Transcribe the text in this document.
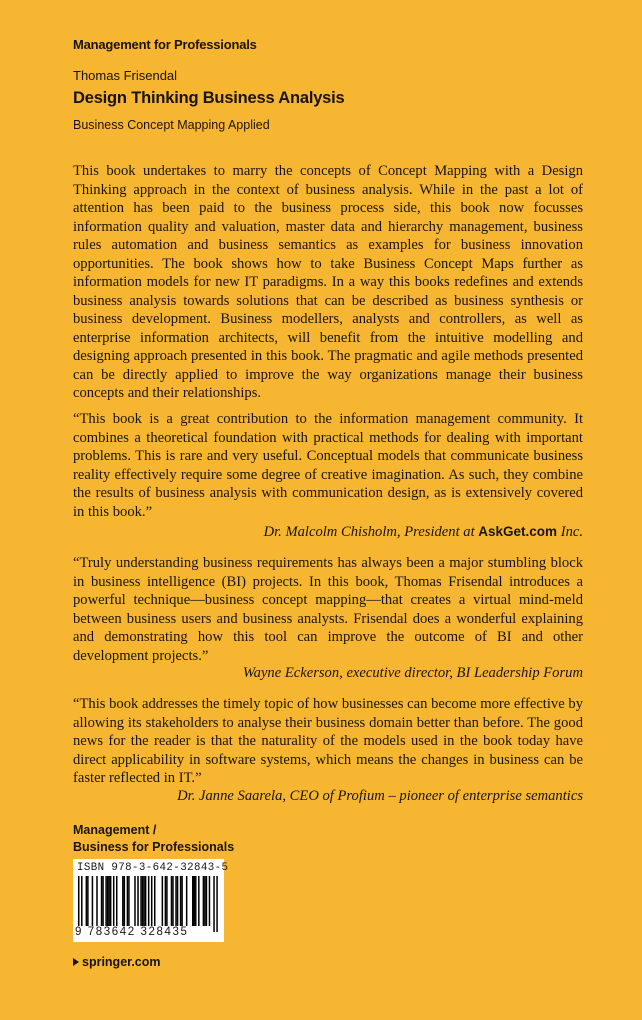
Management for Professionals
Thomas Frisendal
Design Thinking Business Analysis
Business Concept Mapping Applied

This book undertakes to marry the concepts of Concept Mapping with a Design Thinking approach in the context of business analysis. While in the past a lot of attention has been paid to the business process side, this book now focusses information quality and valuation, master data and hierarchy management, business rules automation and business semantics as examples for business innovation opportunities. The book shows how to take Business Concept Maps further as information models for new IT paradigms. In a way this books redefines and extends business analysis towards solutions that can be described as business synthesis or business development. Business modellers, analysts and controllers, as well as enterprise information architects, will benefit from the intuitive modelling and designing approach presented in this book. The pragmatic and agile methods presented can be directly applied to improve the way organizations manage their business concepts and their relationships.

“This book is a great contribution to the information management community. It combines a theoretical foundation with practical methods for dealing with important problems. This is rare and very useful. Conceptual models that communicate business reality effectively require some degree of creative imagination. As such, they combine the results of business analysis with communication design, as is extensively covered in this book.”

Dr. Malcolm Chisholm, President at AskGet.com Inc.

“Truly understanding business requirements has always been a major stumbling block in business intelligence (BI) projects. In this book, Thomas Frisendal introduces a powerful technique—business concept mapping—that creates a virtual mind-meld between business users and business analysts. Frisendal does a wonderful explaining and demonstrating how this tool can improve the outcome of BI and other development projects.”

Wayne Eckerson, executive director, BI Leadership Forum

“This book addresses the timely topic of how businesses can become more effective by allowing its stakeholders to analyse their business domain better than before. The good news for the reader is that the naturality of the models used in the book today have direct applicability in software systems, which means the changes in business can be faster reflected in IT.”

Dr. Janne Saarela, CEO of Profium – pioneer of enterprise semantics
Management /
Business for Professionals
ISBN 978-3-642-32843-5
9 783642 328435
springer.com
